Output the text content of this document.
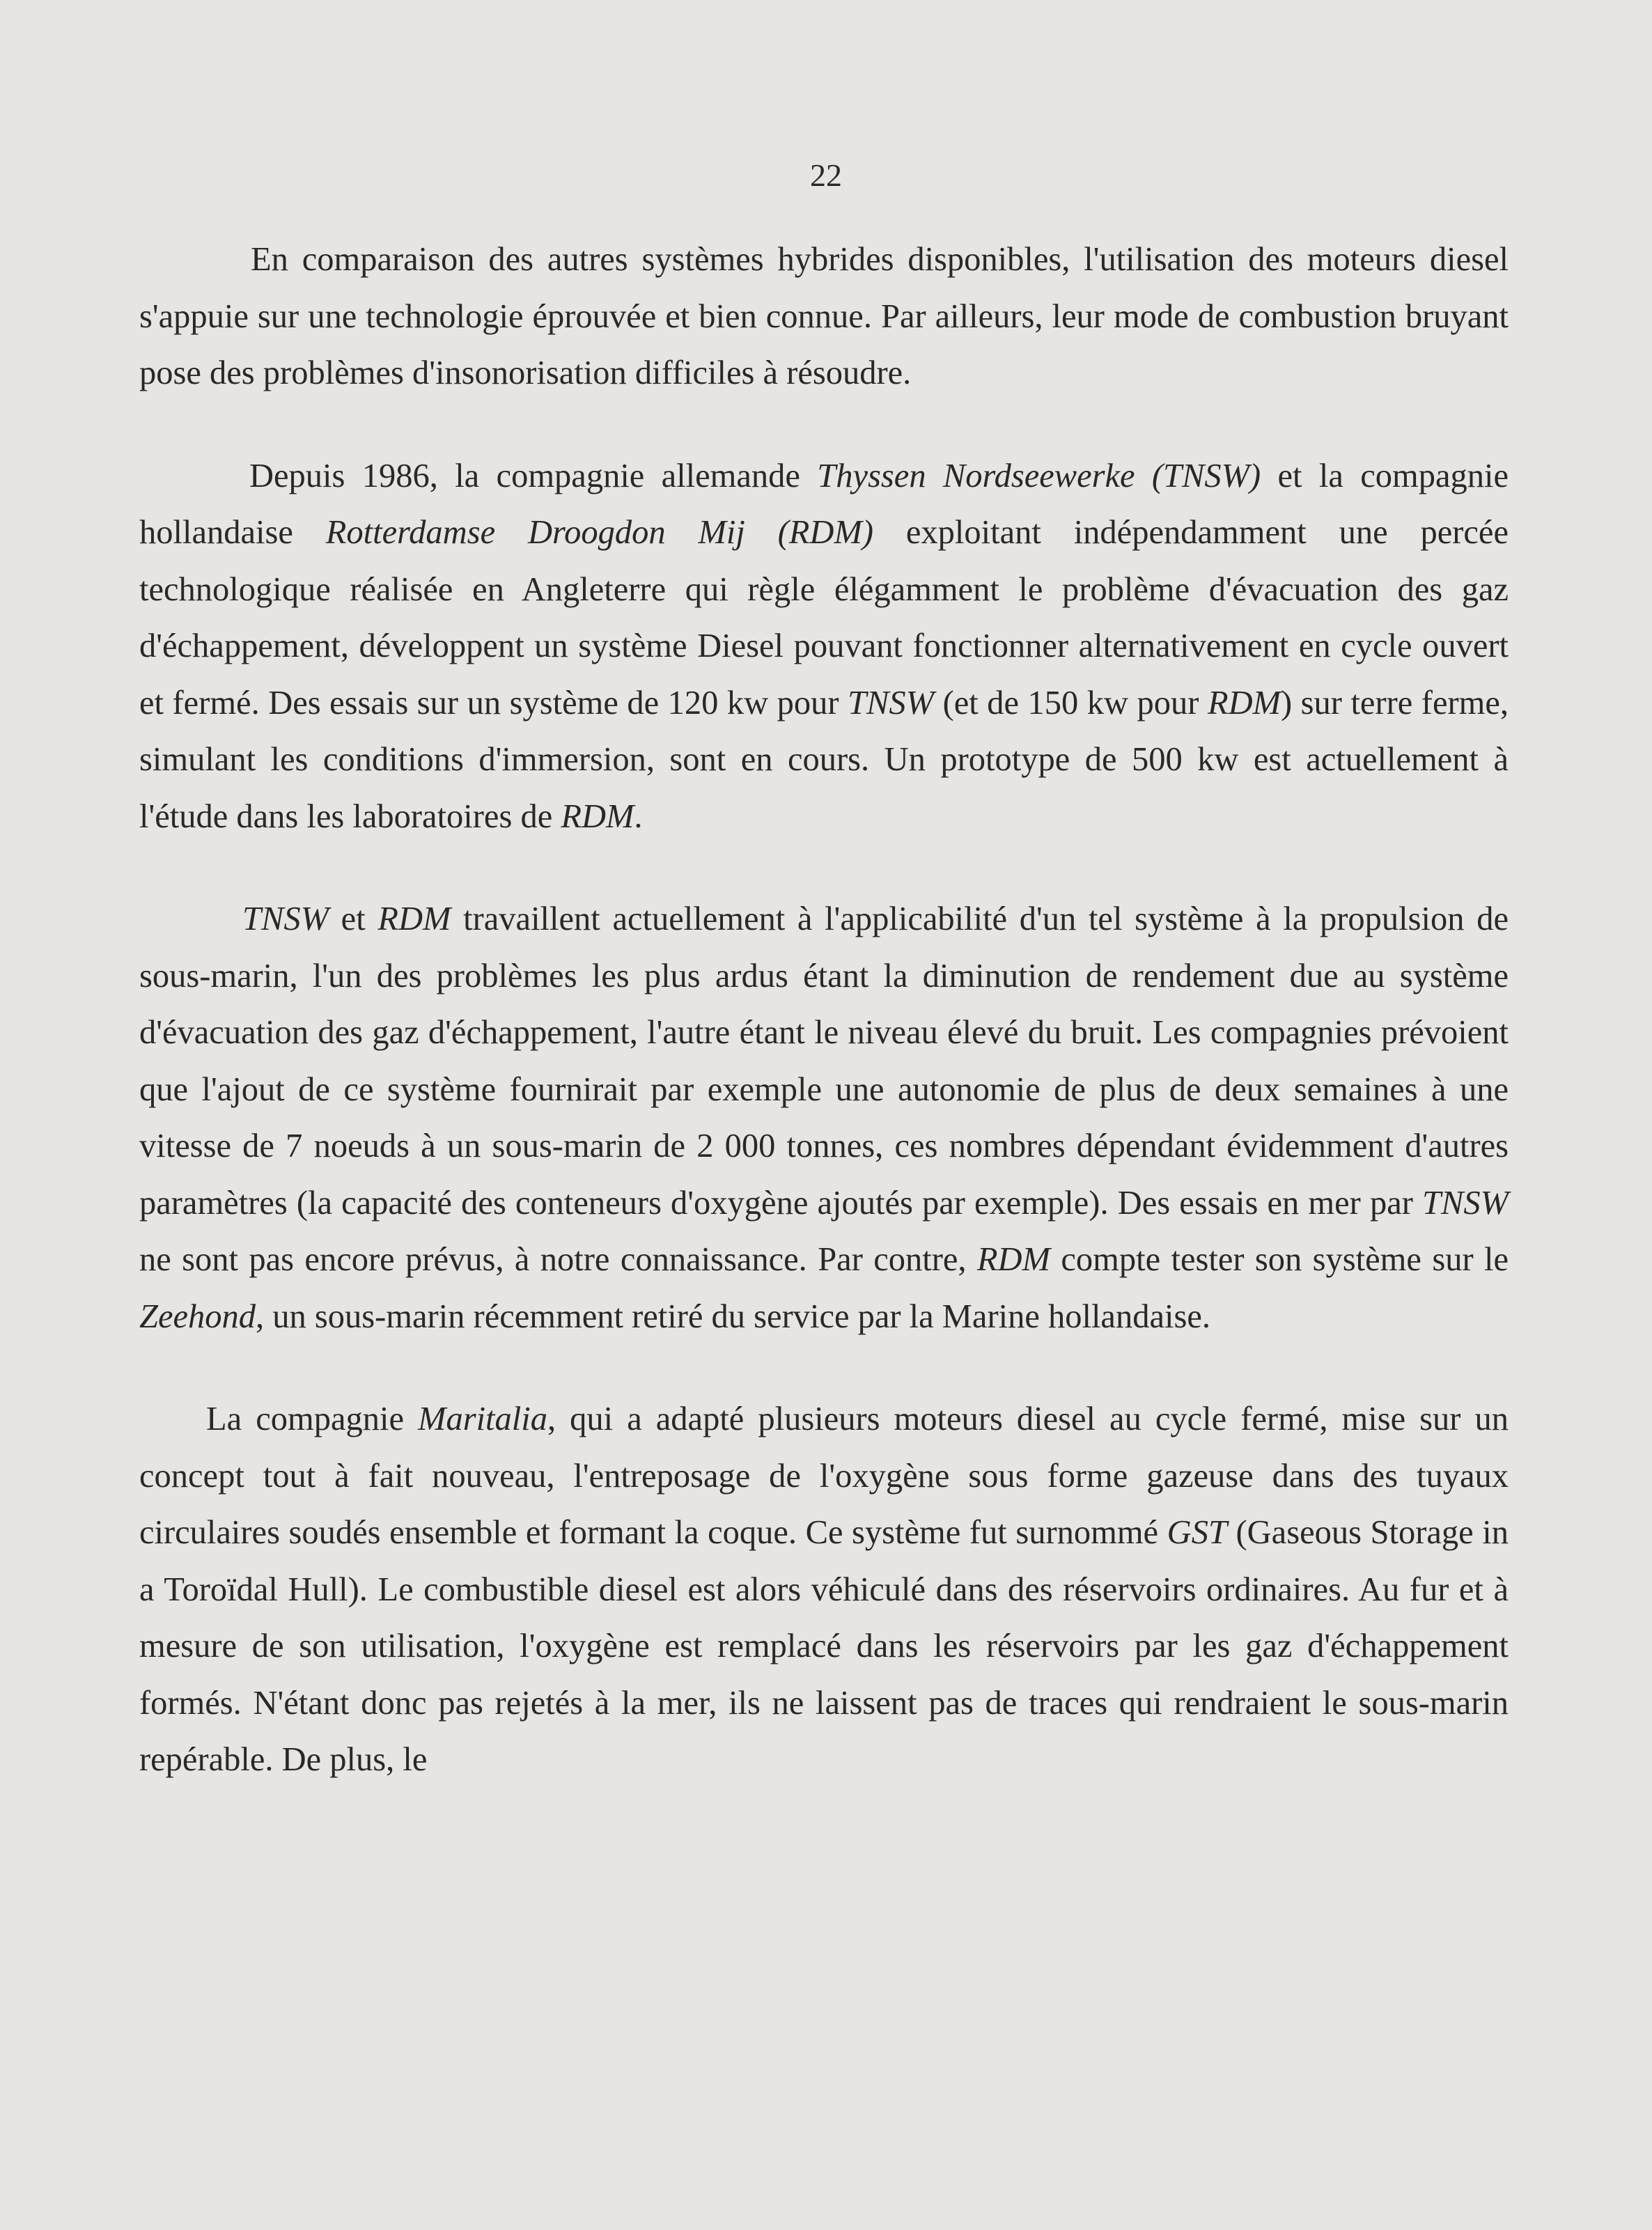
22

En comparaison des autres systèmes hybrides disponibles, l'utilisation des moteurs diesel s'appuie sur une technologie éprouvée et bien connue. Par ailleurs, leur mode de combustion bruyant pose des problèmes d'insonorisation difficiles à résoudre.

Depuis 1986, la compagnie allemande Thyssen Nordseewerke (TNSW) et la compagnie hollandaise Rotterdamse Droogdon Mij (RDM) exploitant indépendamment une percée technologique réalisée en Angleterre qui règle élégamment le problème d'évacuation des gaz d'échappement, développent un système Diesel pouvant fonctionner alternativement en cycle ouvert et fermé. Des essais sur un système de 120 kw pour TNSW (et de 150 kw pour RDM) sur terre ferme, simulant les conditions d'immersion, sont en cours. Un prototype de 500 kw est actuellement à l'étude dans les laboratoires de RDM.

TNSW et RDM travaillent actuellement à l'applicabilité d'un tel système à la propulsion de sous-marin, l'un des problèmes les plus ardus étant la diminution de rendement due au système d'évacuation des gaz d'échappement, l'autre étant le niveau élevé du bruit. Les compagnies prévoient que l'ajout de ce système fournirait par exemple une autonomie de plus de deux semaines à une vitesse de 7 noeuds à un sous-marin de 2 000 tonnes, ces nombres dépendant évidemment d'autres paramètres (la capacité des conteneurs d'oxygène ajoutés par exemple). Des essais en mer par TNSW ne sont pas encore prévus, à notre connaissance. Par contre, RDM compte tester son système sur le Zeehond, un sous-marin récemment retiré du service par la Marine hollandaise.

La compagnie Maritalia, qui a adapté plusieurs moteurs diesel au cycle fermé, mise sur un concept tout à fait nouveau, l'entreposage de l'oxygène sous forme gazeuse dans des tuyaux circulaires soudés ensemble et formant la coque. Ce système fut surnommé GST (Gaseous Storage in a Toroïdal Hull). Le combustible diesel est alors véhiculé dans des réservoirs ordinaires. Au fur et à mesure de son utilisation, l'oxygène est remplacé dans les réservoirs par les gaz d'échappement formés. N'étant donc pas rejetés à la mer, ils ne laissent pas de traces qui rendraient le sous-marin repérable. De plus, le
